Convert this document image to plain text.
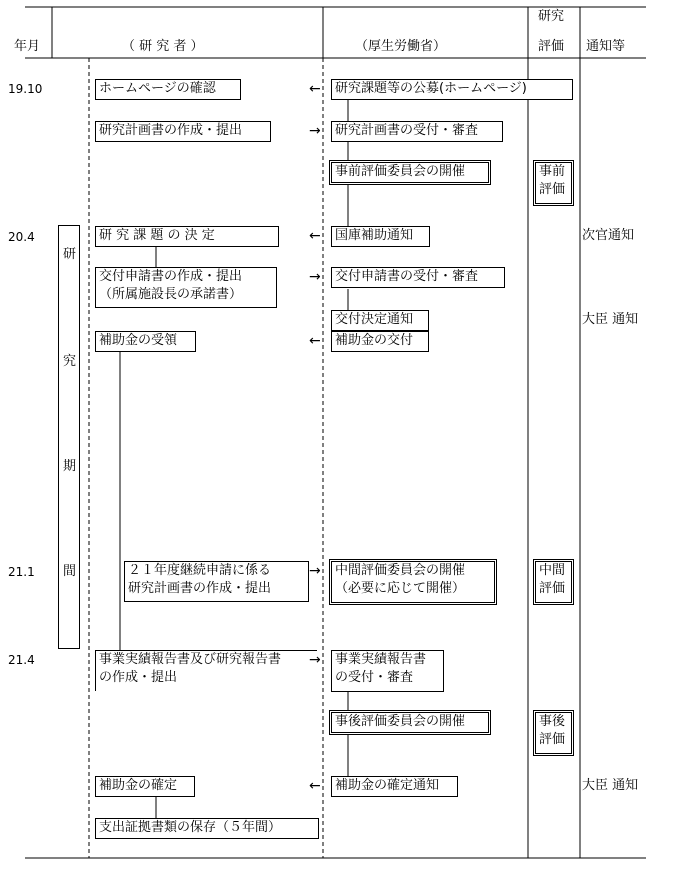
年月	（ 研 究 者 ）	（厚生労働省）
研究
評価 通知等
19.10
20.4
21.1
21.4
研
究
期
間
ホームページの確認
研究計画書の作成・提出
研 究 課 題 の 決 定
交付申請書の作成・提出
（所属施設長の承諾書）
補助金の受領
２１年度継続申請に係る
研究計画書の作成・提出
事業実績報告書及び研究報告書
の作成・提出
補助金の確定
支出証拠書類の保存（５年間）
←
→
←
→
←
→
→
←
研究課題等の公募(ホームページ)
研究計画書の受付・審査
事前評価委員会の開催
国庫補助通知
交付申請書の受付・審査
交付決定通知
補助金の交付
中間評価委員会の開催
（必要に応じて開催）
事業実績報告書
の受付・審査
事後評価委員会の開催
補助金の確定通知
事前
評価
中間
評価
事後
評価
次官通知
大臣 通知
大臣 通知
